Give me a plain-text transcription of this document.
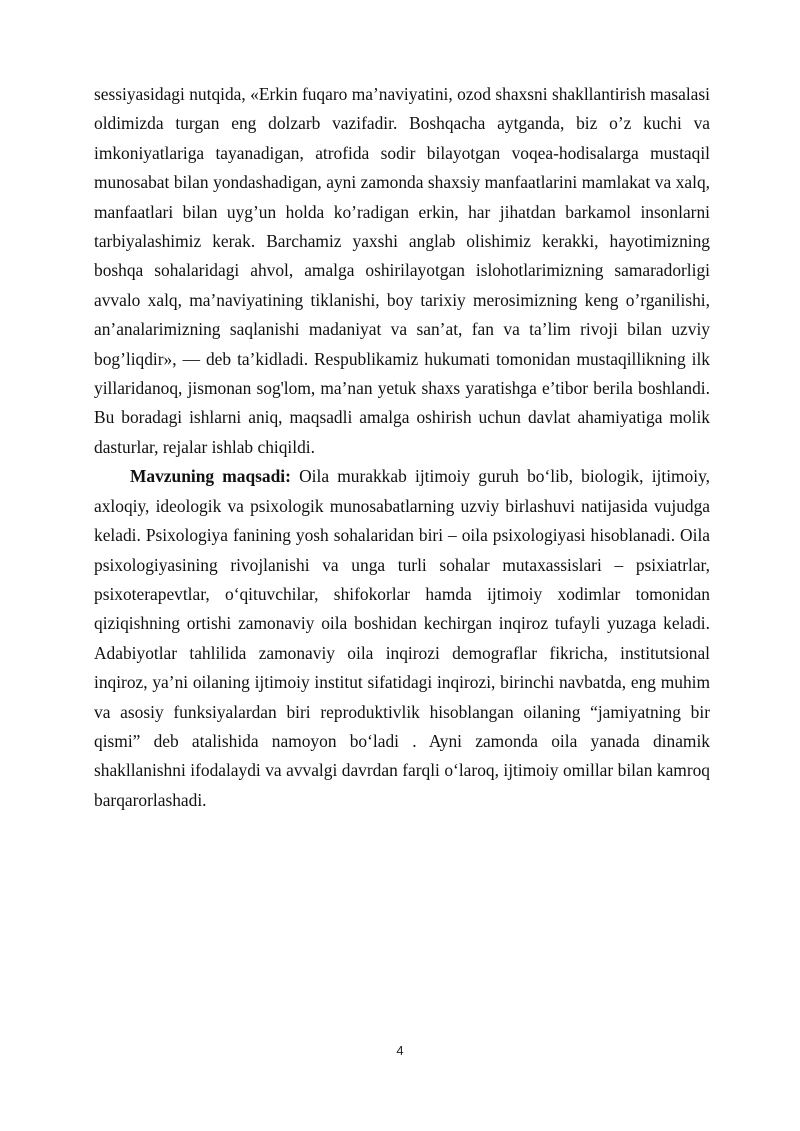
sessiyasidagi nutqida, «Erkin fuqaro ma’naviyatini, ozod shaxsni shakllantirish masalasi oldimizda turgan eng dolzarb vazifadir. Boshqacha aytganda, biz o’z kuchi va imkoniyatlariga tayanadigan, atrofida sodir bilayotgan voqea-hodisalarga mustaqil munosabat bilan yondashadigan, ayni zamonda shaxsiy manfaatlarini mamlakat va xalq, manfaatlari bilan uyg’un holda ko’radigan erkin, har jihatdan barkamol insonlarni tarbiyalashimiz kerak. Barchamiz yaxshi anglab olishimiz kerakki, hayotimizning boshqa sohalaridagi ahvol, amalga oshirilayotgan islohotlarimizning samaradorligi avvalo xalq, ma’naviyatining tiklanishi, boy tarixiy merosimizning keng o’rganilishi, an’analarimizning saqlanishi madaniyat va san’at, fan va ta’lim rivoji bilan uzviy bog’liqdir», — deb ta’kidladi. Respublikamiz hukumati tomonidan mustaqillikning ilk yillaridanoq, jismonan sog'lom, ma’nan yetuk shaxs yaratishga e’tibor berila boshlandi. Bu boradagi ishlarni aniq, maqsadli amalga oshirish uchun davlat ahamiyatiga molik dasturlar, rejalar ishlab chiqildi.

Mavzuning maqsadi: Oila murakkab ijtimoiy guruh bo‘lib, biologik, ijtimoiy, axloqiy, ideologik va psixologik munosabatlarning uzviy birlashuvi natijasida vujudga keladi. Psixologiya fanining yosh sohalaridan biri – oila psixologiyasi hisoblanadi. Oila psixologiyasining rivojlanishi va unga turli sohalar mutaxassislari – psixiatrlar, psixoterapevtlar, o‘qituvchilar, shifokorlar hamda ijtimoiy xodimlar tomonidan qiziqishning ortishi zamonaviy oila boshidan kechirgan inqiroz tufayli yuzaga keladi. Adabiyotlar tahlilida zamonaviy oila inqirozi demograflar fikricha, institutsional inqiroz, ya’ni oilaning ijtimoiy institut sifatidagi inqirozi, birinchi navbatda, eng muhim va asosiy funksiyalardan biri reproduktivlik hisoblangan oilaning “jamiyatning bir qismi” deb atalishida namoyon bo‘ladi . Ayni zamonda oila yanada dinamik shakllanishni ifodalaydi va avvalgi davrdan farqli o‘laroq, ijtimoiy omillar bilan kamroq barqarorlashadi.

4
